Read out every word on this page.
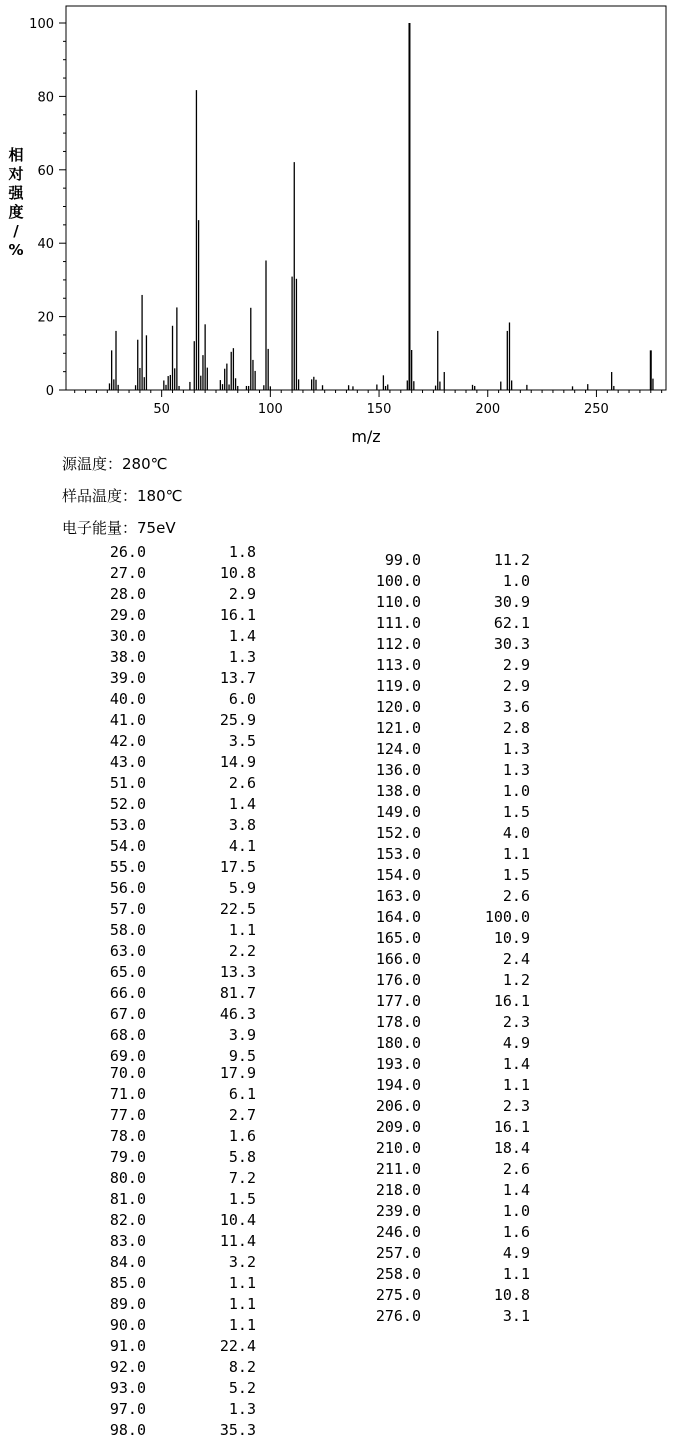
50	100	150	200	250
0
20
40
60
80
100
m/z
相对强度/ %
源温度：280℃
样品温度：180℃
电子能量：75eV
26.0	1.8
27.0	10.8
28.0	2.9
29.0	16.1
30.0	1.4
38.0	1.3
39.0	13.7
40.0	6.0
41.0	25.9
42.0	3.5
43.0	14.9
51.0	2.6
52.0	1.4
53.0	3.8
54.0	4.1
55.0	17.5
56.0	5.9
57.0	22.5
58.0	1.1
63.0	2.2
65.0	13.3
66.0	81.7
67.0	46.3
68.0	3.9
69.0	9.5
70.0	17.9
71.0	6.1
77.0	2.7
78.0	1.6
79.0	5.8
80.0	7.2
81.0	1.5
82.0	10.4
83.0	11.4
84.0	3.2
85.0	1.1
89.0	1.1
90.0	1.1
91.0	22.4
92.0	8.2
93.0	5.2
97.0	1.3
98.0	35.3
99.0	11.2
100.0	1.0
110.0	30.9
111.0	62.1
112.0	30.3
113.0	2.9
119.0	2.9
120.0	3.6
121.0	2.8
124.0	1.3
136.0	1.3
138.0	1.0
149.0	1.5
152.0	4.0
153.0	1.1
154.0	1.5
163.0	2.6
164.0	100.0
165.0	10.9
166.0	2.4
176.0	1.2
177.0	16.1
178.0	2.3
180.0	4.9
193.0	1.4
194.0	1.1
206.0	2.3
209.0	16.1
210.0	18.4
211.0	2.6
218.0	1.4
239.0	1.0
246.0	1.6
257.0	4.9
258.0	1.1
275.0	10.8
276.0	3.1
